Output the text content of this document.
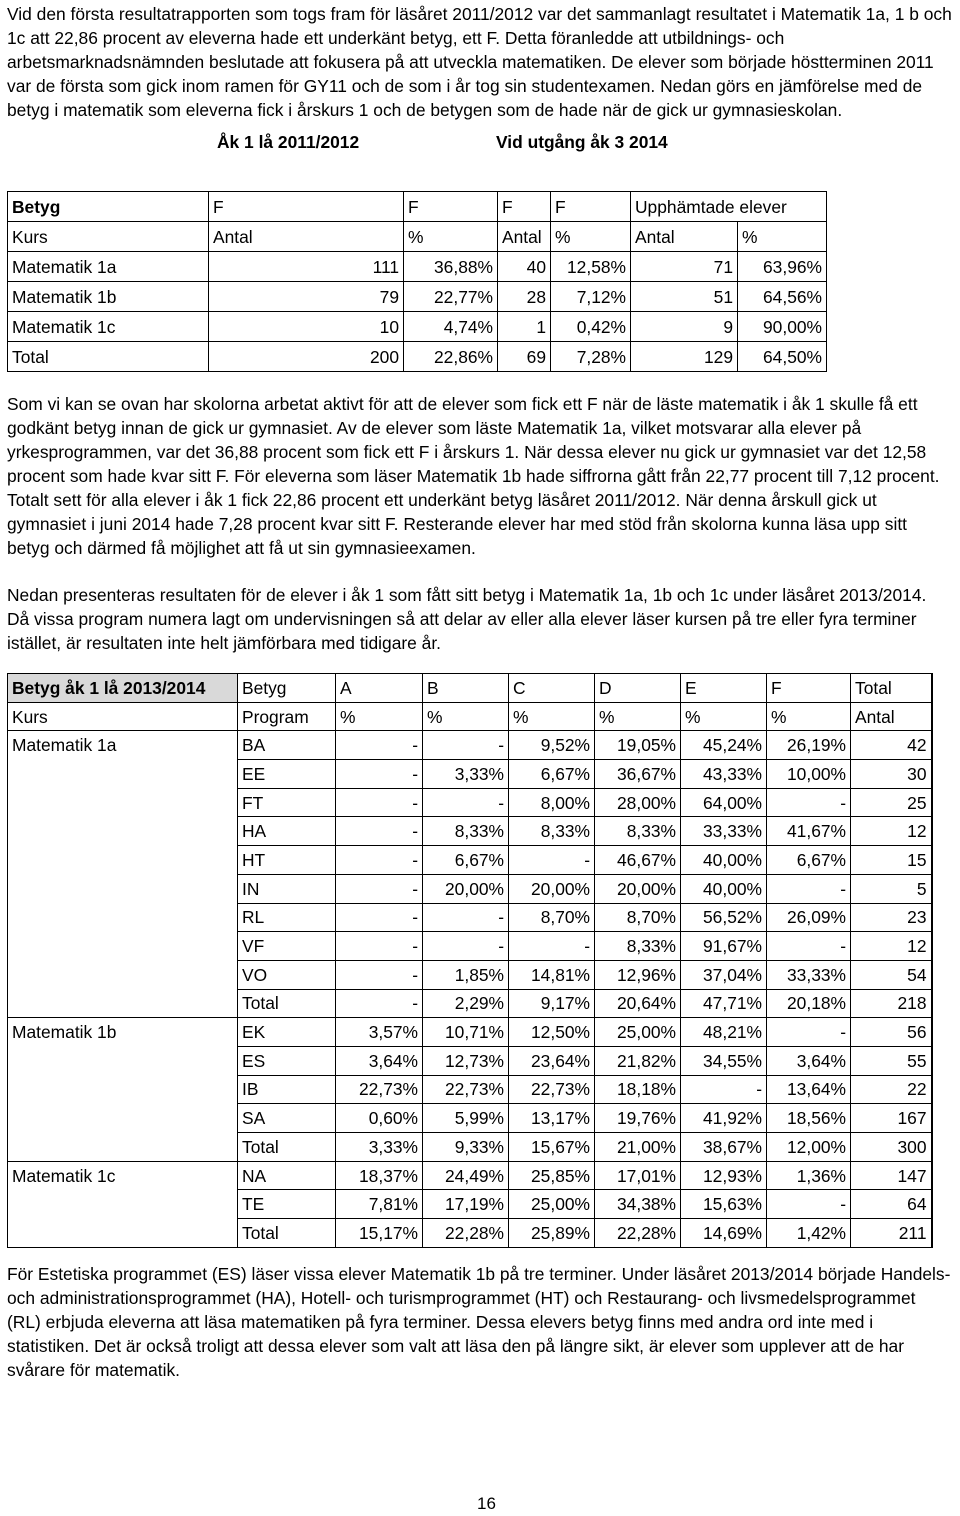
Vid den första resultatrapporten som togs fram för läsåret 2011/2012 var det sammanlagt resultatet i Matematik 1a, 1 b och 1c att 22,86 procent av eleverna hade ett underkänt betyg, ett F. Detta föranledde att utbildnings- och arbetsmarknadsnämnden beslutade att fokusera på att utveckla matematiken. De elever som började höstterminen 2011 var de första som gick inom ramen för GY11 och de som i år tog sin studentexamen. Nedan görs en jämförelse med de betyg i matematik som eleverna fick i årskurs 1 och de betygen som de hade när de gick ur gymnasieskolan.

Åk 1 lå 2011/2012	Vid utgång åk 3 2014
Betyg	F	F	F	F	Upphämtade elever	
Kurs	Antal	%	Antal	%	Antal	%
Matematik 1a	111	36,88%	40	12,58%	71	63,96%
Matematik 1b	79	22,77%	28	7,12%	51	64,56%
Matematik 1c	10	4,74%	1	0,42%	9	90,00%
Total	200	22,86%	69	7,28%	129	64,50%

Som vi kan se ovan har skolorna arbetat aktivt för att de elever som fick ett F när de läste matematik i åk 1 skulle få ett godkänt betyg innan de gick ur gymnasiet. Av de elever som läste Matematik 1a, vilket motsvarar alla elever på yrkesprogrammen, var det 36,88 procent som fick ett F i årskurs 1. När dessa elever nu gick ur gymnasiet var det 12,58 procent som hade kvar sitt F. För eleverna som läser Matematik 1b hade siffrorna gått från 22,77 procent till 7,12 procent. Totalt sett för alla elever i åk 1 fick 22,86 procent ett underkänt betyg läsåret 2011/2012. När denna årskull gick ut gymnasiet i juni 2014 hade 7,28 procent kvar sitt F. Resterande elever har med stöd från skolorna kunna läsa upp sitt betyg och därmed få möjlighet att få ut sin gymnasieexamen.

Nedan presenteras resultaten för de elever i åk 1 som fått sitt betyg i Matematik 1a, 1b och 1c under läsåret 2013/2014. Då vissa program numera lagt om undervisningen så att delar av eller alla elever läser kursen på tre eller fyra terminer istället, är resultaten inte helt jämförbara med tidigare år.

Betyg åk 1 lå 2013/2014	Betyg	A	B	C	D	E	F	Total
Kurs	Program	%	%	%	%	%	%	Antal
Matematik 1a	BA	-	-	9,52%	19,05%	45,24%	26,19%	42
	EE	-	3,33%	6,67%	36,67%	43,33%	10,00%	30
	FT	-	-	8,00%	28,00%	64,00%	-	25
	HA	-	8,33%	8,33%	8,33%	33,33%	41,67%	12
	HT	-	6,67%	-	46,67%	40,00%	6,67%	15
	IN	-	20,00%	20,00%	20,00%	40,00%	-	5
	RL	-	-	8,70%	8,70%	56,52%	26,09%	23
	VF	-	-	-	8,33%	91,67%	-	12
	VO	-	1,85%	14,81%	12,96%	37,04%	33,33%	54
	Total	-	2,29%	9,17%	20,64%	47,71%	20,18%	218
Matematik 1b	EK	3,57%	10,71%	12,50%	25,00%	48,21%	-	56
	ES	3,64%	12,73%	23,64%	21,82%	34,55%	3,64%	55
	IB	22,73%	22,73%	22,73%	18,18%	-	13,64%	22
	SA	0,60%	5,99%	13,17%	19,76%	41,92%	18,56%	167
	Total	3,33%	9,33%	15,67%	21,00%	38,67%	12,00%	300
Matematik 1c	NA	18,37%	24,49%	25,85%	17,01%	12,93%	1,36%	147
	TE	7,81%	17,19%	25,00%	34,38%	15,63%	-	64
	Total	15,17%	22,28%	25,89%	22,28%	14,69%	1,42%	211

För Estetiska programmet (ES) läser vissa elever Matematik 1b på tre terminer. Under läsåret 2013/2014 började Handels- och administrationsprogrammet (HA), Hotell- och turismprogrammet (HT) och Restaurang- och livsmedelsprogrammet (RL) erbjuda eleverna att läsa matematiken på fyra terminer. Dessa elevers betyg finns med andra ord inte med i statistiken. Det är också troligt att dessa elever som valt att läsa den på längre sikt, är elever som upplever att de har svårare för matematik.

16
